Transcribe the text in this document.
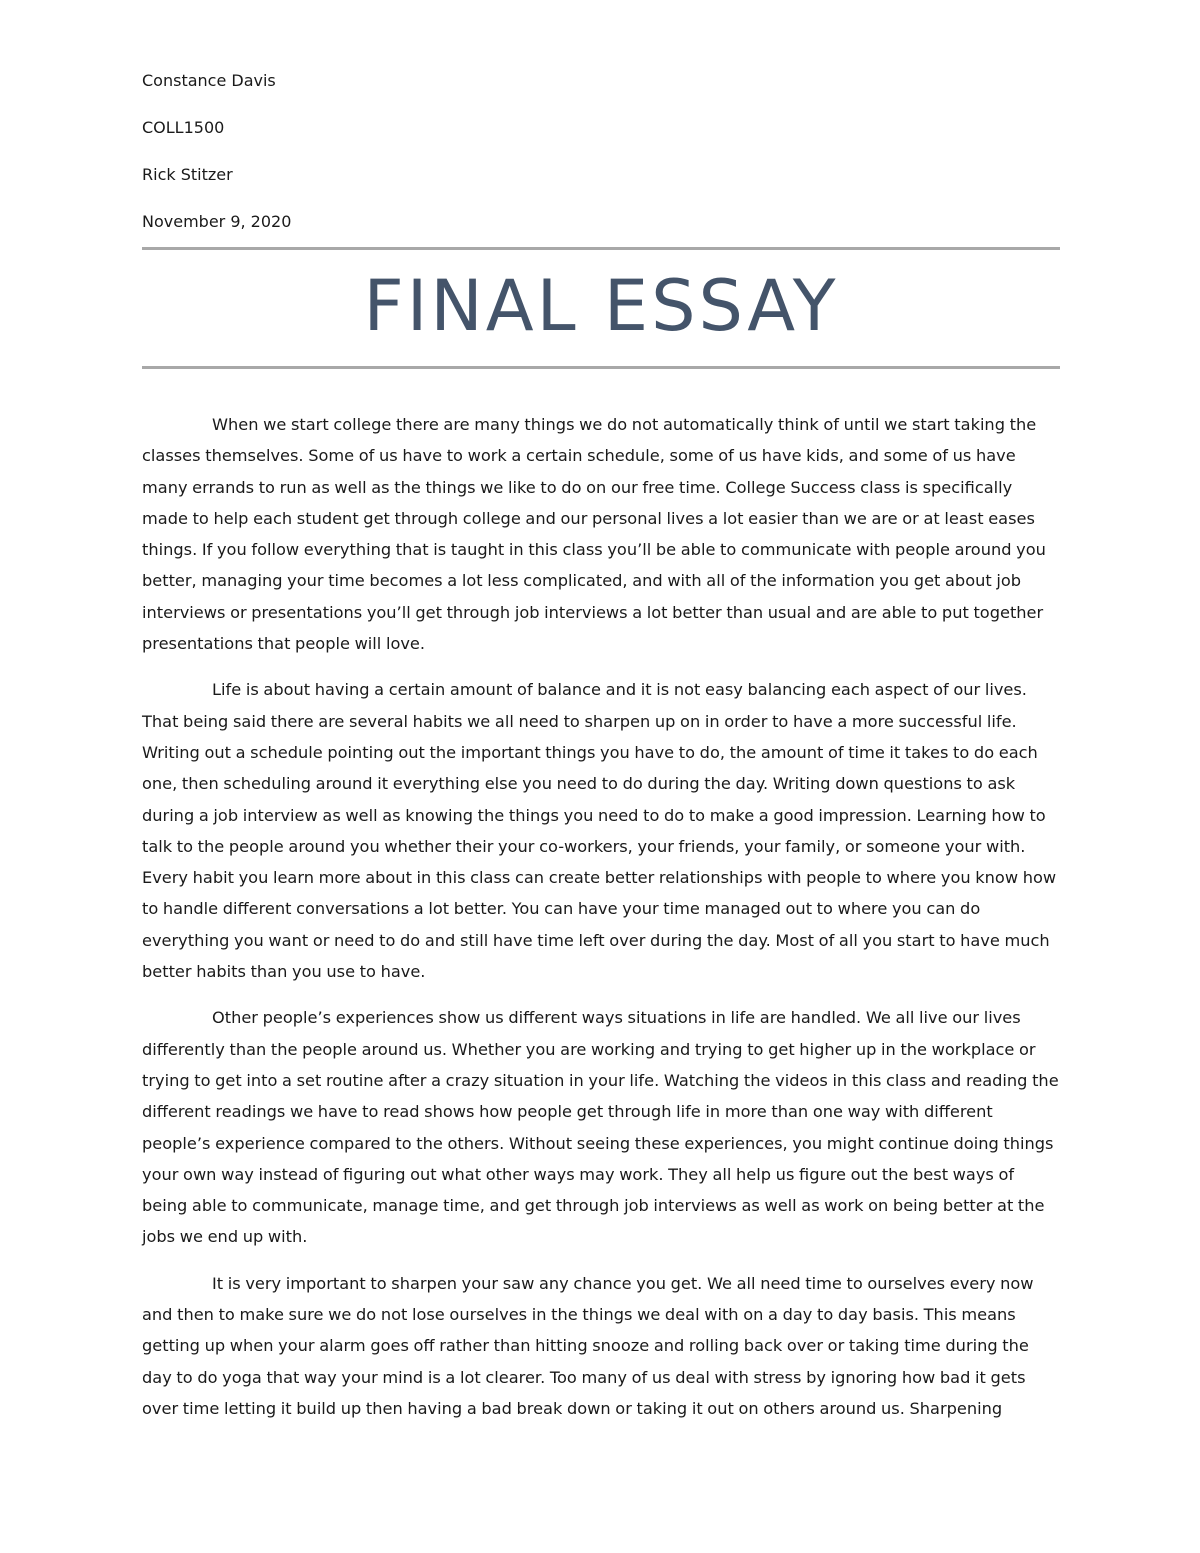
Constance Davis

COLL1500

Rick Stitzer

November 9, 2020

FINAL ESSAY

When we start college there are many things we do not automatically think of until we start taking the classes themselves. Some of us have to work a certain schedule, some of us have kids, and some of us have many errands to run as well as the things we like to do on our free time. College Success class is specifically made to help each student get through college and our personal lives a lot easier than we are or at least eases things. If you follow everything that is taught in this class you’ll be able to communicate with people around you better, managing your time becomes a lot less complicated, and with all of the information you get about job interviews or presentations you’ll get through job interviews a lot better than usual and are able to put together presentations that people will love.

Life is about having a certain amount of balance and it is not easy balancing each aspect of our lives. That being said there are several habits we all need to sharpen up on in order to have a more successful life. Writing out a schedule pointing out the important things you have to do, the amount of time it takes to do each one, then scheduling around it everything else you need to do during the day. Writing down questions to ask during a job interview as well as knowing the things you need to do to make a good impression. Learning how to talk to the people around you whether their your co-workers, your friends, your family, or someone your with. Every habit you learn more about in this class can create better relationships with people to where you know how to handle different conversations a lot better. You can have your time managed out to where you can do everything you want or need to do and still have time left over during the day. Most of all you start to have much better habits than you use to have.

Other people’s experiences show us different ways situations in life are handled. We all live our lives differently than the people around us. Whether you are working and trying to get higher up in the workplace or trying to get into a set routine after a crazy situation in your life. Watching the videos in this class and reading the different readings we have to read shows how people get through life in more than one way with different people’s experience compared to the others. Without seeing these experiences, you might continue doing things your own way instead of figuring out what other ways may work. They all help us figure out the best ways of being able to communicate, manage time, and get through job interviews as well as work on being better at the jobs we end up with.

It is very important to sharpen your saw any chance you get. We all need time to ourselves every now and then to make sure we do not lose ourselves in the things we deal with on a day to day basis. This means getting up when your alarm goes off rather than hitting snooze and rolling back over or taking time during the day to do yoga that way your mind is a lot clearer. Too many of us deal with stress by ignoring how bad it gets over time letting it build up then having a bad break down or taking it out on others around us. Sharpening
